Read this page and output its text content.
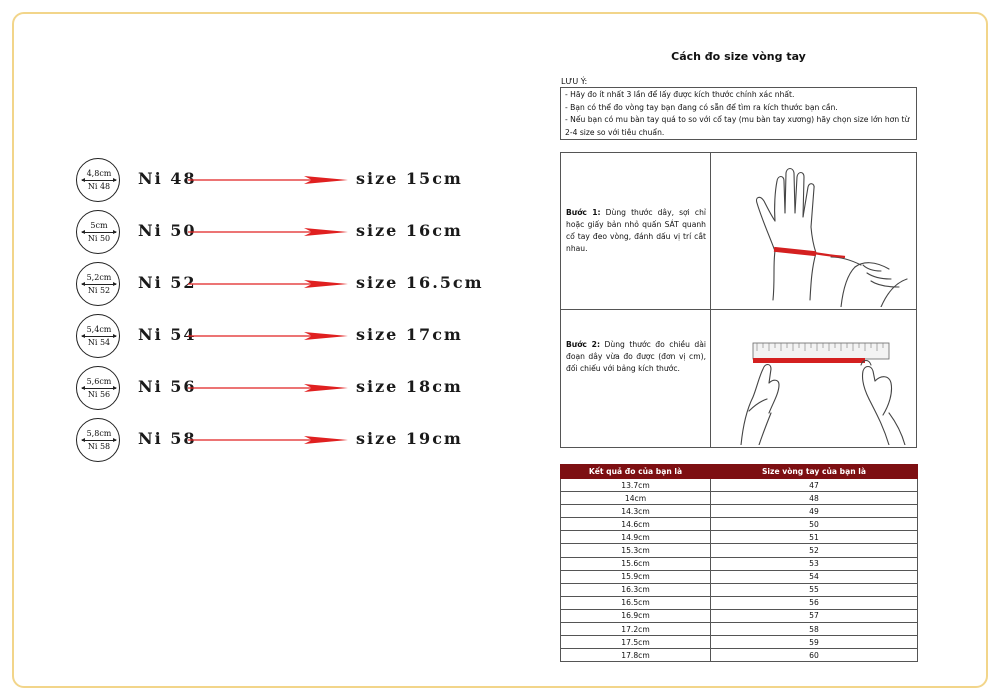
4,8cm
Ni 48	Ni 48	size 15cm
5cm
Ni 50	Ni 50	size 16cm
5,2cm
Ni 52	Ni 52	size 16.5cm
5,4cm
Ni 54	Ni 54	size 17cm
5,6cm
Ni 56	Ni 56	size 18cm
5,8cm
Ni 58	Ni 58	size 19cm
Cách đo size vòng tay
LƯU Ý:
- Hãy đo ít nhất 3 lần để lấy được kích thước chính xác nhất.
- Bạn có thể đo vòng tay bạn đang có sẵn để tìm ra kích thước bạn cần.
- Nếu bạn có mu bàn tay quá to so với cổ tay (mu bàn tay xương) hãy chọn size lớn hơn từ 2-4 size so với tiêu chuẩn.
Bước 1: Dùng thước dây, sợi chỉ hoặc giấy bản nhỏ quấn SÁT quanh cổ tay đeo vòng, đánh dấu vị trí cắt nhau.
Bước 2: Dùng thước đo chiều dài đoạn dây vừa đo được (đơn vị cm), đối chiếu với bảng kích thước.
Kết quả đo của bạn là	Size vòng tay của bạn là
13.7cm	47
14cm	48
14.3cm	49
14.6cm	50
14.9cm	51
15.3cm	52
15.6cm	53
15.9cm	54
16.3cm	55
16.5cm	56
16.9cm	57
17.2cm	58
17.5cm	59
17.8cm	60
